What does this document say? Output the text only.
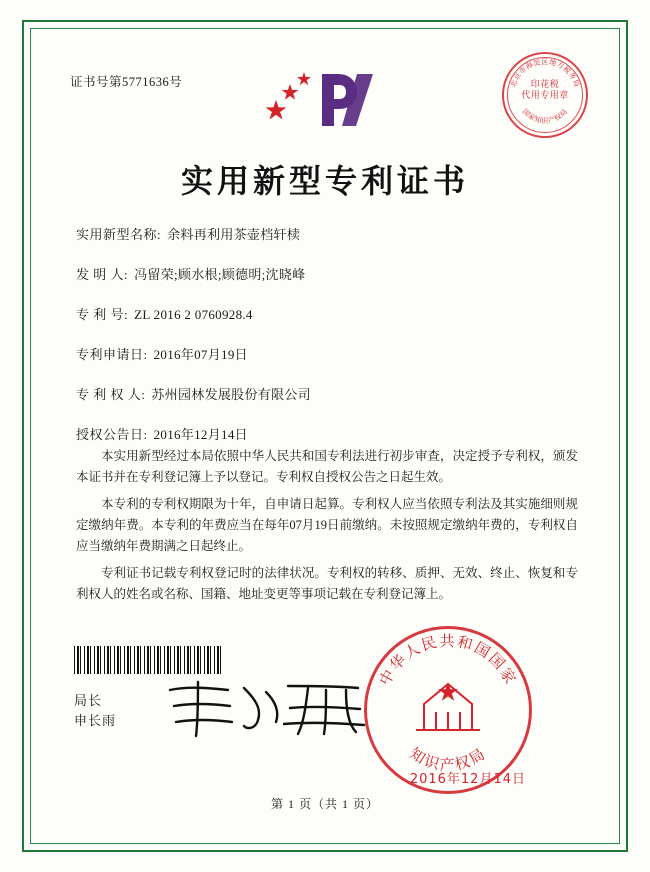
证书号第5771636号	北京市海淀区地方税务局
国家知识产权局
印花税
代用专用章
实用新型专利证书
实用新型名称: 余料再利用茶壶档轩椟
发 明 人: 冯留荣;顾水根;顾德明;沈晓峰
专 利 号: ZL 2016 2 0760928.4
专利申请日: 2016年07月19日
专 利 权 人: 苏州园林发展股份有限公司
授权公告日: 2016年12月14日

本实用新型经过本局依照中华人民共和国专利法进行初步审查，决定授予专利权，颁发本证书并在专利登记簿上予以登记。专利权自授权公告之日起生效。

本专利的专利权期限为十年，自申请日起算。专利权人应当依照专利法及其实施细则规定缴纳年费。本专利的年费应当在每年07月19日前缴纳。未按照规定缴纳年费的，专利权自应当缴纳年费期满之日起终止。

专利证书记载专利权登记时的法律状况。专利权的转移、质押、无效、终止、恢复和专利权人的姓名或名称、国籍、地址变更等事项记载在专利登记簿上。

局长
申长雨
中华人民共和国国家
知识产权局
2016年12月14日
第 1 页（共 1 页）
